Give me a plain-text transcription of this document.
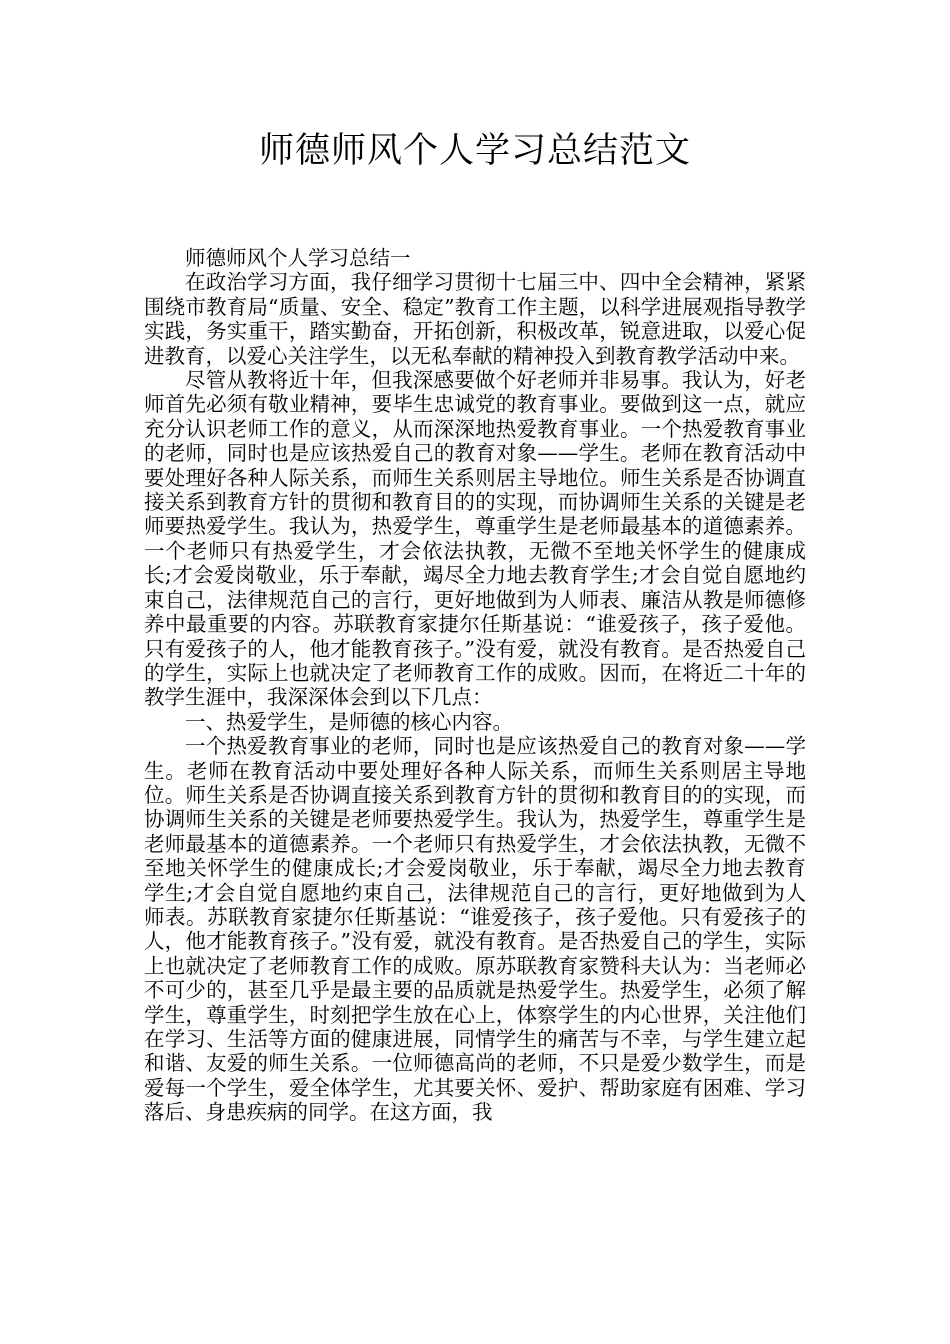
师德师风个人学习总结范文

师德师风个人学习总结一

在政治学习方面，我仔细学习贯彻十七届三中、四中全会精神，紧紧围绕市教育局“质量、安全、稳定”教育工作主题，以科学进展观指导教学实践，务实重干，踏实勤奋，开拓创新，积极改革，锐意进取，以爱心促进教育，以爱心关注学生，以无私奉献的精神投入到教育教学活动中来。

尽管从教将近十年，但我深感要做个好老师并非易事。我认为，好老师首先必须有敬业精神，要毕生忠诚党的教育事业。要做到这一点，就应充分认识老师工作的意义，从而深深地热爱教育事业。一个热爱教育事业的老师，同时也是应该热爱自己的教育对象——学生。老师在教育活动中要处理好各种人际关系，而师生关系则居主导地位。师生关系是否协调直接关系到教育方针的贯彻和教育目的的实现，而协调师生关系的关键是老师要热爱学生。我认为，热爱学生，尊重学生是老师最基本的道德素养。一个老师只有热爱学生，才会依法执教，无微不至地关怀学生的健康成长;才会爱岗敬业，乐于奉献，竭尽全力地去教育学生;才会自觉自愿地约束自己，法律规范自己的言行，更好地做到为人师表、廉洁从教是师德修养中最重要的内容。苏联教育家捷尔任斯基说：“谁爱孩子，孩子爱他。只有爱孩子的人，他才能教育孩子。”没有爱，就没有教育。是否热爱自己的学生，实际上也就决定了老师教育工作的成败。因而，在将近二十年的教学生涯中，我深深体会到以下几点：

一、热爱学生，是师德的核心内容。

一个热爱教育事业的老师，同时也是应该热爱自己的教育对象——学生。老师在教育活动中要处理好各种人际关系，而师生关系则居主导地位。师生关系是否协调直接关系到教育方针的贯彻和教育目的的实现，而协调师生关系的关键是老师要热爱学生。我认为，热爱学生，尊重学生是老师最基本的道德素养。一个老师只有热爱学生，才会依法执教，无微不至地关怀学生的健康成长;才会爱岗敬业，乐于奉献，竭尽全力地去教育学生;才会自觉自愿地约束自己，法律规范自己的言行，更好地做到为人师表。苏联教育家捷尔任斯基说：“谁爱孩子，孩子爱他。只有爱孩子的人，他才能教育孩子。”没有爱，就没有教育。是否热爱自己的学生，实际上也就决定了老师教育工作的成败。原苏联教育家赞科夫认为：当老师必不可少的，甚至几乎是最主要的品质就是热爱学生。热爱学生，必须了解学生，尊重学生，时刻把学生放在心上，体察学生的内心世界，关注他们在学习、生活等方面的健康进展，同情学生的痛苦与不幸，与学生建立起和谐、友爱的师生关系。一位师德高尚的老师，不只是爱少数学生，而是爱每一个学生，爱全体学生，尤其要关怀、爱护、帮助家庭有困难、学习落后、身患疾病的同学。在这方面，我
